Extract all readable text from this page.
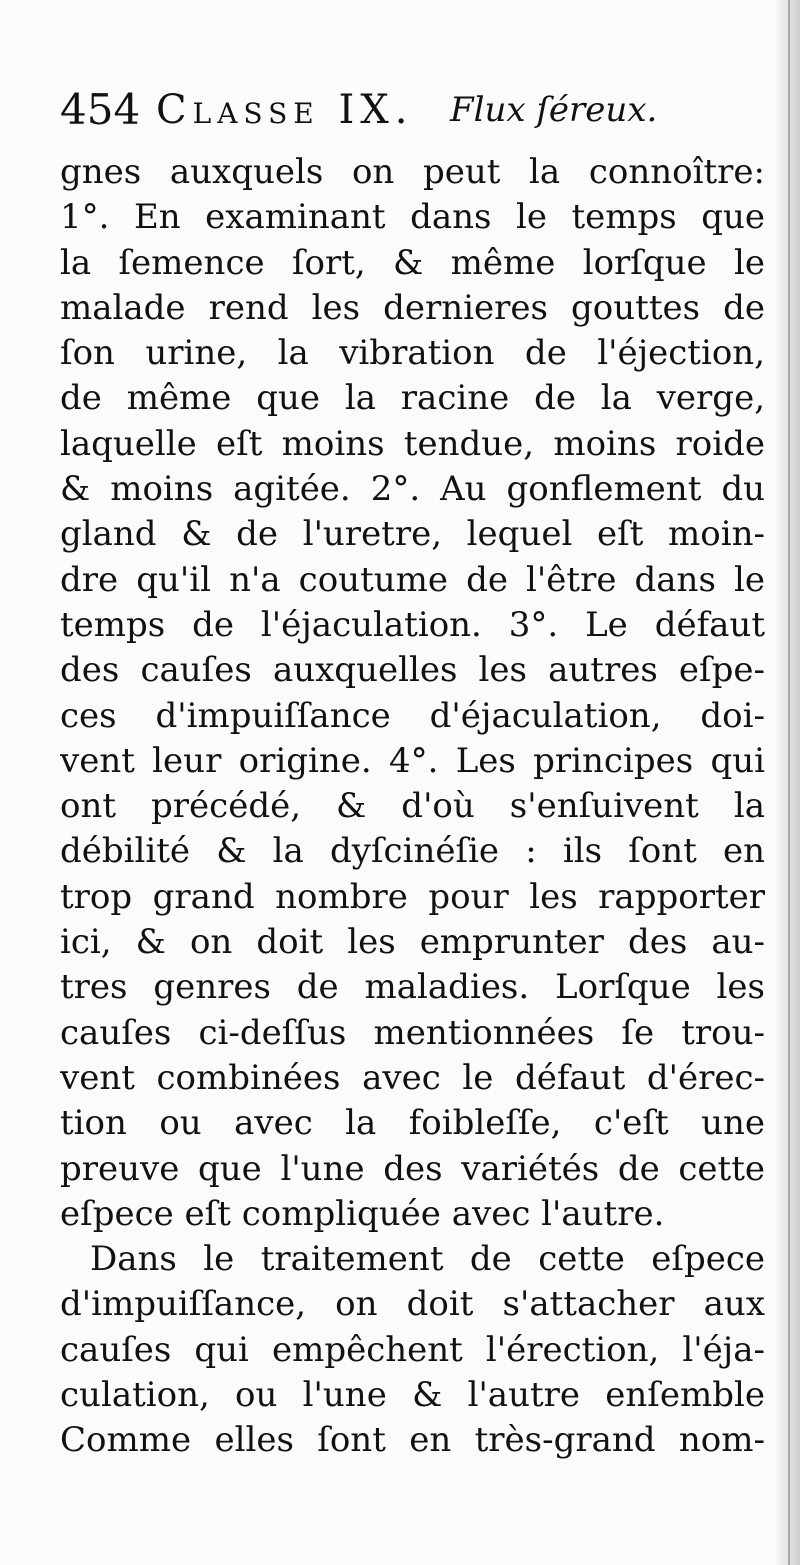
454 Classe IX. Flux ſéreux.
gnes auxquels on peut la connoître:
1°. En examinant dans le temps que
la ſemence ſort, & même lorſque le
malade rend les dernieres gouttes de
ſon urine, la vibration de l'éjection,
de même que la racine de la verge,
laquelle eſt moins tendue, moins roide
& moins agitée. 2°. Au gonflement du
gland & de l'uretre, lequel eſt moin-
dre qu'il n'a coutume de l'être dans le
temps de l'éjaculation. 3°. Le défaut
des cauſes auxquelles les autres eſpe-
ces d'impuiſſance d'éjaculation, doi-
vent leur origine. 4°. Les principes qui
ont précédé, & d'où s'enſuivent la
débilité & la dyſcinéſie : ils ſont en
trop grand nombre pour les rapporter
ici, & on doit les emprunter des au-
tres genres de maladies. Lorſque les
cauſes ci-deſſus mentionnées ſe trou-
vent combinées avec le défaut d'érec-
tion ou avec la foibleſſe, c'eſt une
preuve que l'une des variétés de cette
eſpece eſt compliquée avec l'autre.
Dans le traitement de cette eſpece
d'impuiſſance, on doit s'attacher aux
cauſes qui empêchent l'érection, l'éja-
culation, ou l'une & l'autre enſemble
Comme elles ſont en très-grand nom-
